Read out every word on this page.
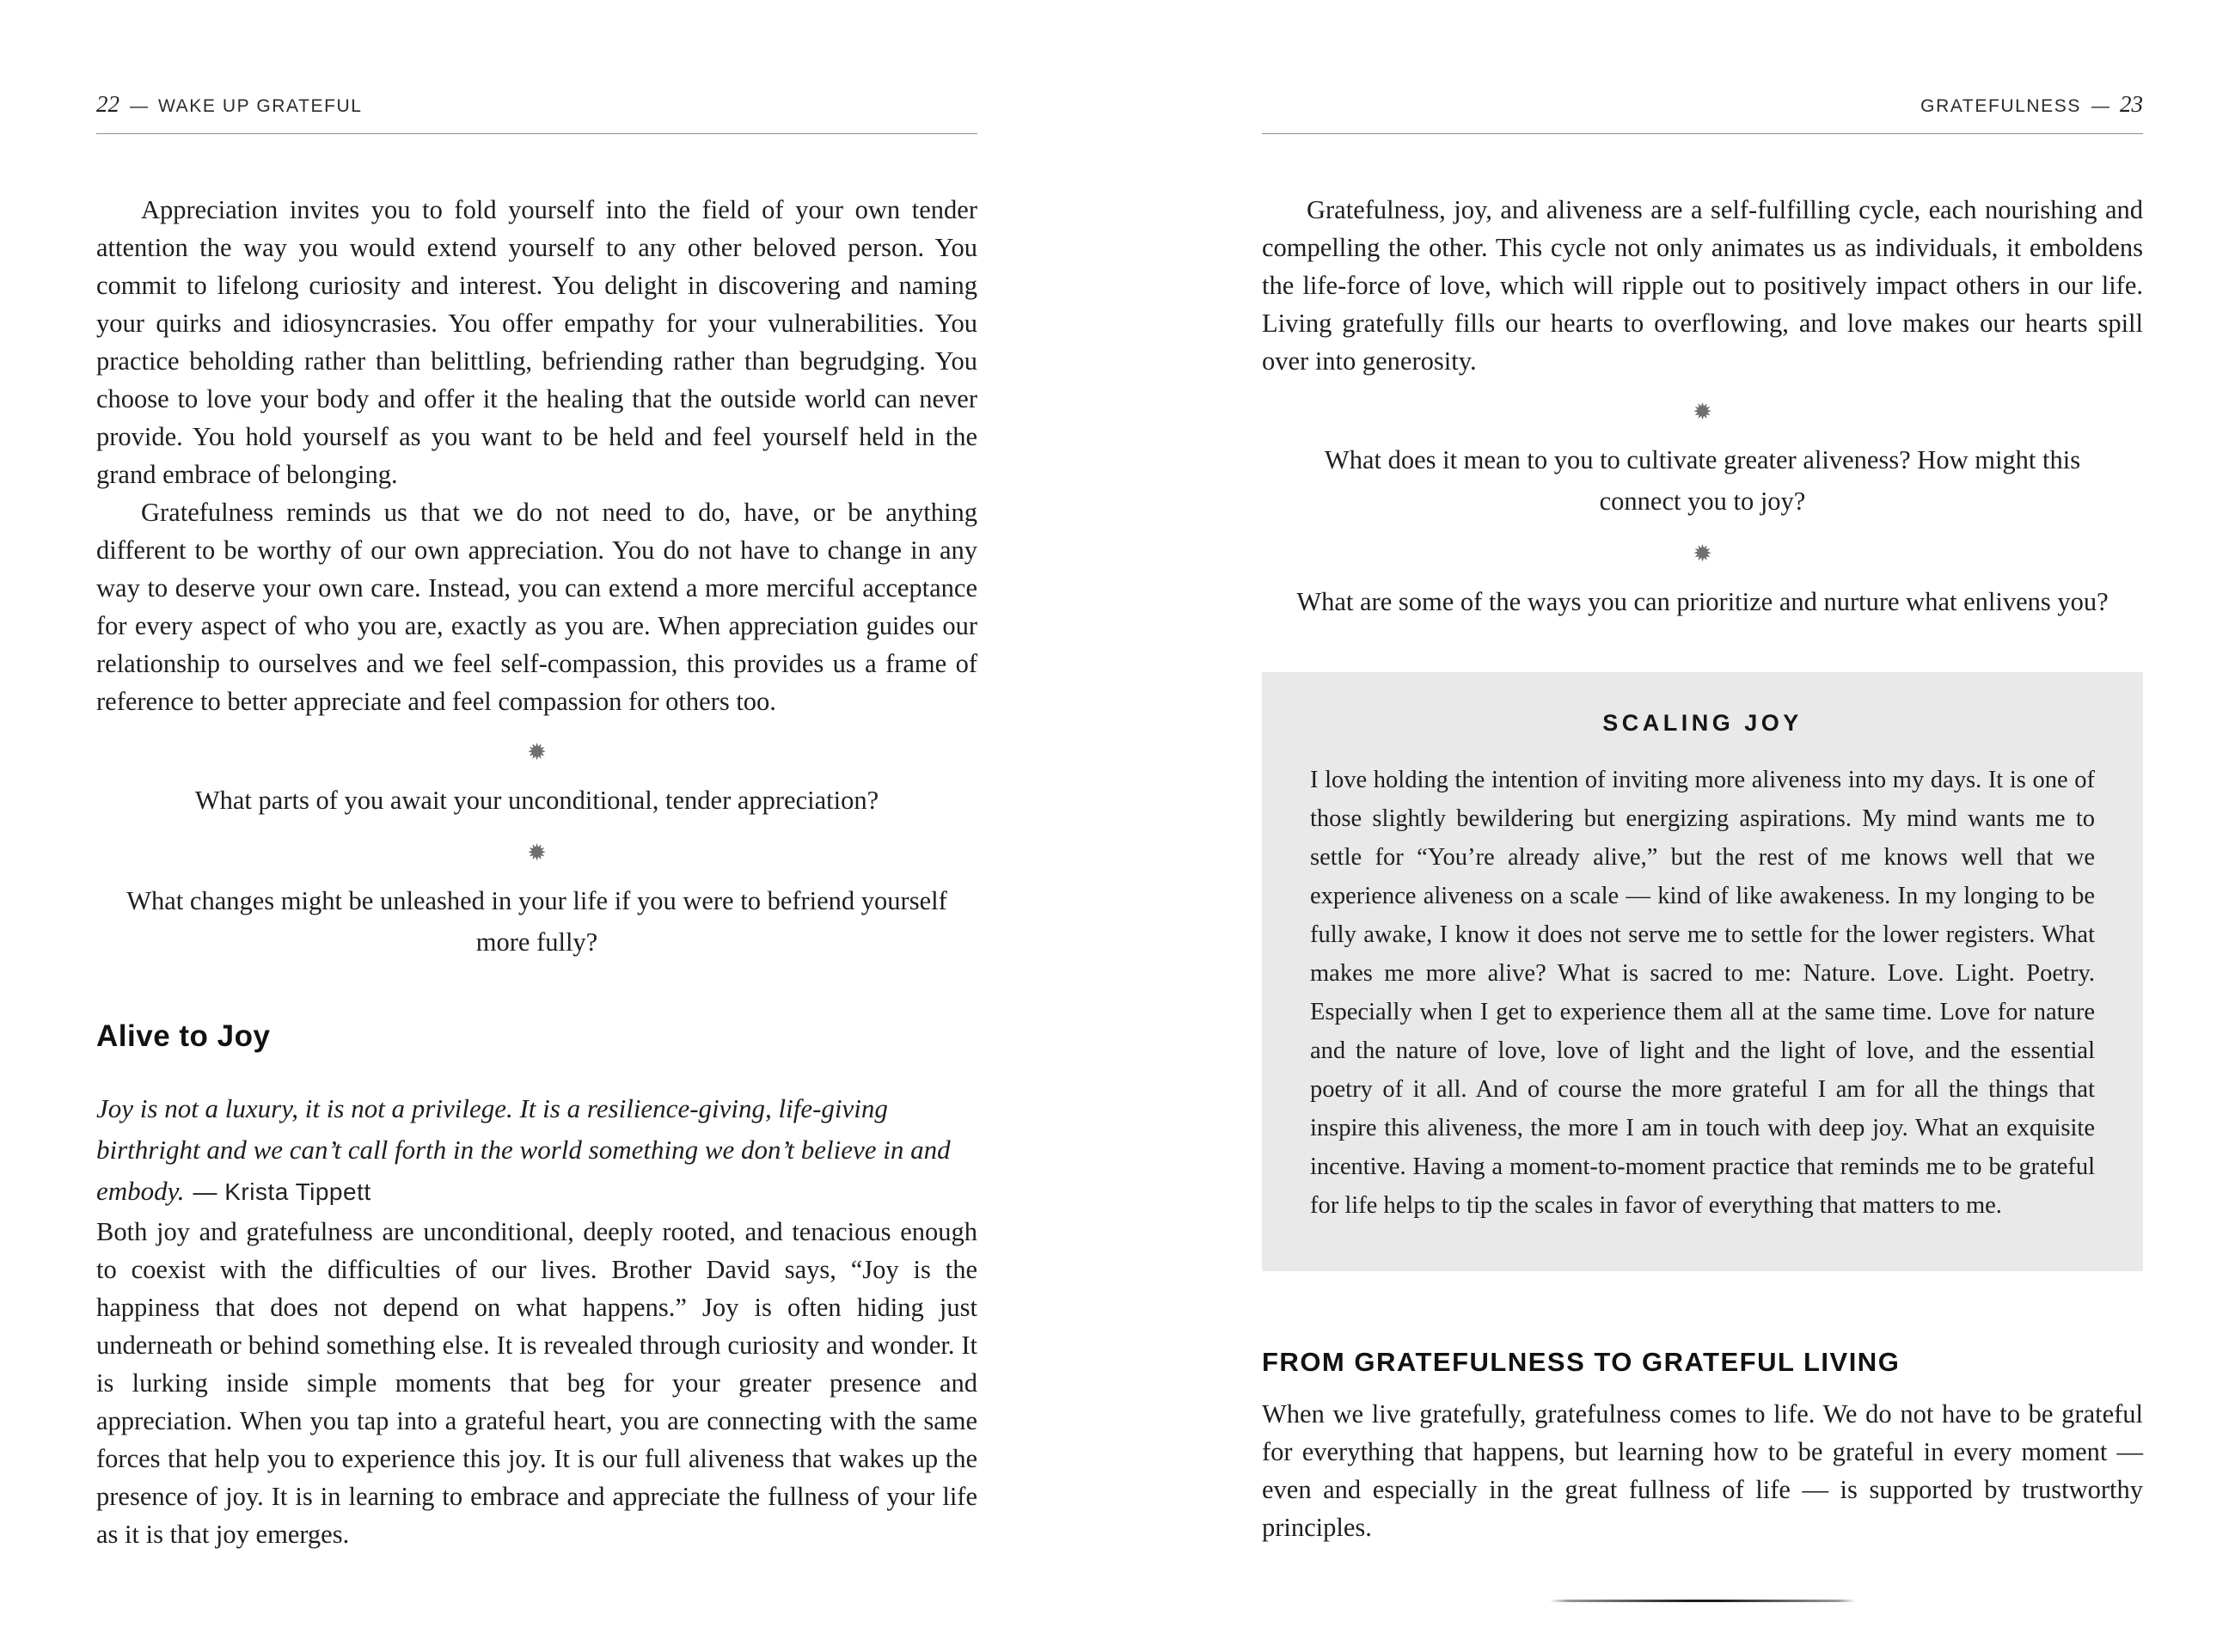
22 — WAKE UP GRATEFUL

Appreciation invites you to fold yourself into the field of your own tender attention the way you would extend yourself to any other beloved person. You commit to lifelong curiosity and interest. You delight in discovering and naming your quirks and idiosyncrasies. You offer empathy for your vulnerabilities. You practice beholding rather than belittling, befriending rather than begrudging. You choose to love your body and offer it the healing that the outside world can never provide. You hold yourself as you want to be held and feel yourself held in the grand embrace of belonging.

Gratefulness reminds us that we do not need to do, have, or be anything different to be worthy of our own appreciation. You do not have to change in any way to deserve your own care. Instead, you can extend a more merciful acceptance for every aspect of who you are, exactly as you are. When appreciation guides our relationship to ourselves and we feel self-compassion, this provides us a frame of reference to better appreciate and feel compassion for others too.

✹

What parts of you await your unconditional, tender appreciation?

✹

What changes might be unleashed in your life if you were to befriend yourself more fully?

Alive to Joy

Joy is not a luxury, it is not a privilege. It is a resilience-giving, life-giving birthright and we can’t call forth in the world something we don’t believe in and embody. — Krista Tippett

Both joy and gratefulness are unconditional, deeply rooted, and tenacious enough to coexist with the difficulties of our lives. Brother David says, “Joy is the happiness that does not depend on what happens.” Joy is often hiding just underneath or behind something else. It is revealed through curiosity and wonder. It is lurking inside simple moments that beg for your greater presence and appreciation. When you tap into a grateful heart, you are connecting with the same forces that help you to experience this joy. It is our full aliveness that wakes up the presence of joy. It is in learning to embrace and appreciate the fullness of your life as it is that joy emerges.

GRATEFULNESS — 23

Gratefulness, joy, and aliveness are a self-fulfilling cycle, each nourishing and compelling the other. This cycle not only animates us as individuals, it emboldens the life-force of love, which will ripple out to positively impact others in our life. Living gratefully fills our hearts to overflowing, and love makes our hearts spill over into generosity.

✹

What does it mean to you to cultivate greater aliveness? How might this connect you to joy?

✹

What are some of the ways you can prioritize and nurture what enlivens you?

SCALING JOY

I love holding the intention of inviting more aliveness into my days. It is one of those slightly bewildering but energizing aspirations. My mind wants me to settle for “You’re already alive,” but the rest of me knows well that we experience aliveness on a scale — kind of like awakeness. In my longing to be fully awake, I know it does not serve me to settle for the lower registers. What makes me more alive? What is sacred to me: Nature. Love. Light. Poetry. Especially when I get to experience them all at the same time. Love for nature and the nature of love, love of light and the light of love, and the essential poetry of it all. And of course the more grateful I am for all the things that inspire this aliveness, the more I am in touch with deep joy. What an exquisite incentive. Having a moment-to-moment practice that reminds me to be grateful for life helps to tip the scales in favor of everything that matters to me.

FROM GRATEFULNESS TO GRATEFUL LIVING

When we live gratefully, gratefulness comes to life. We do not have to be grateful for everything that happens, but learning how to be grateful in every moment — even and especially in the great fullness of life — is supported by trustworthy principles.
